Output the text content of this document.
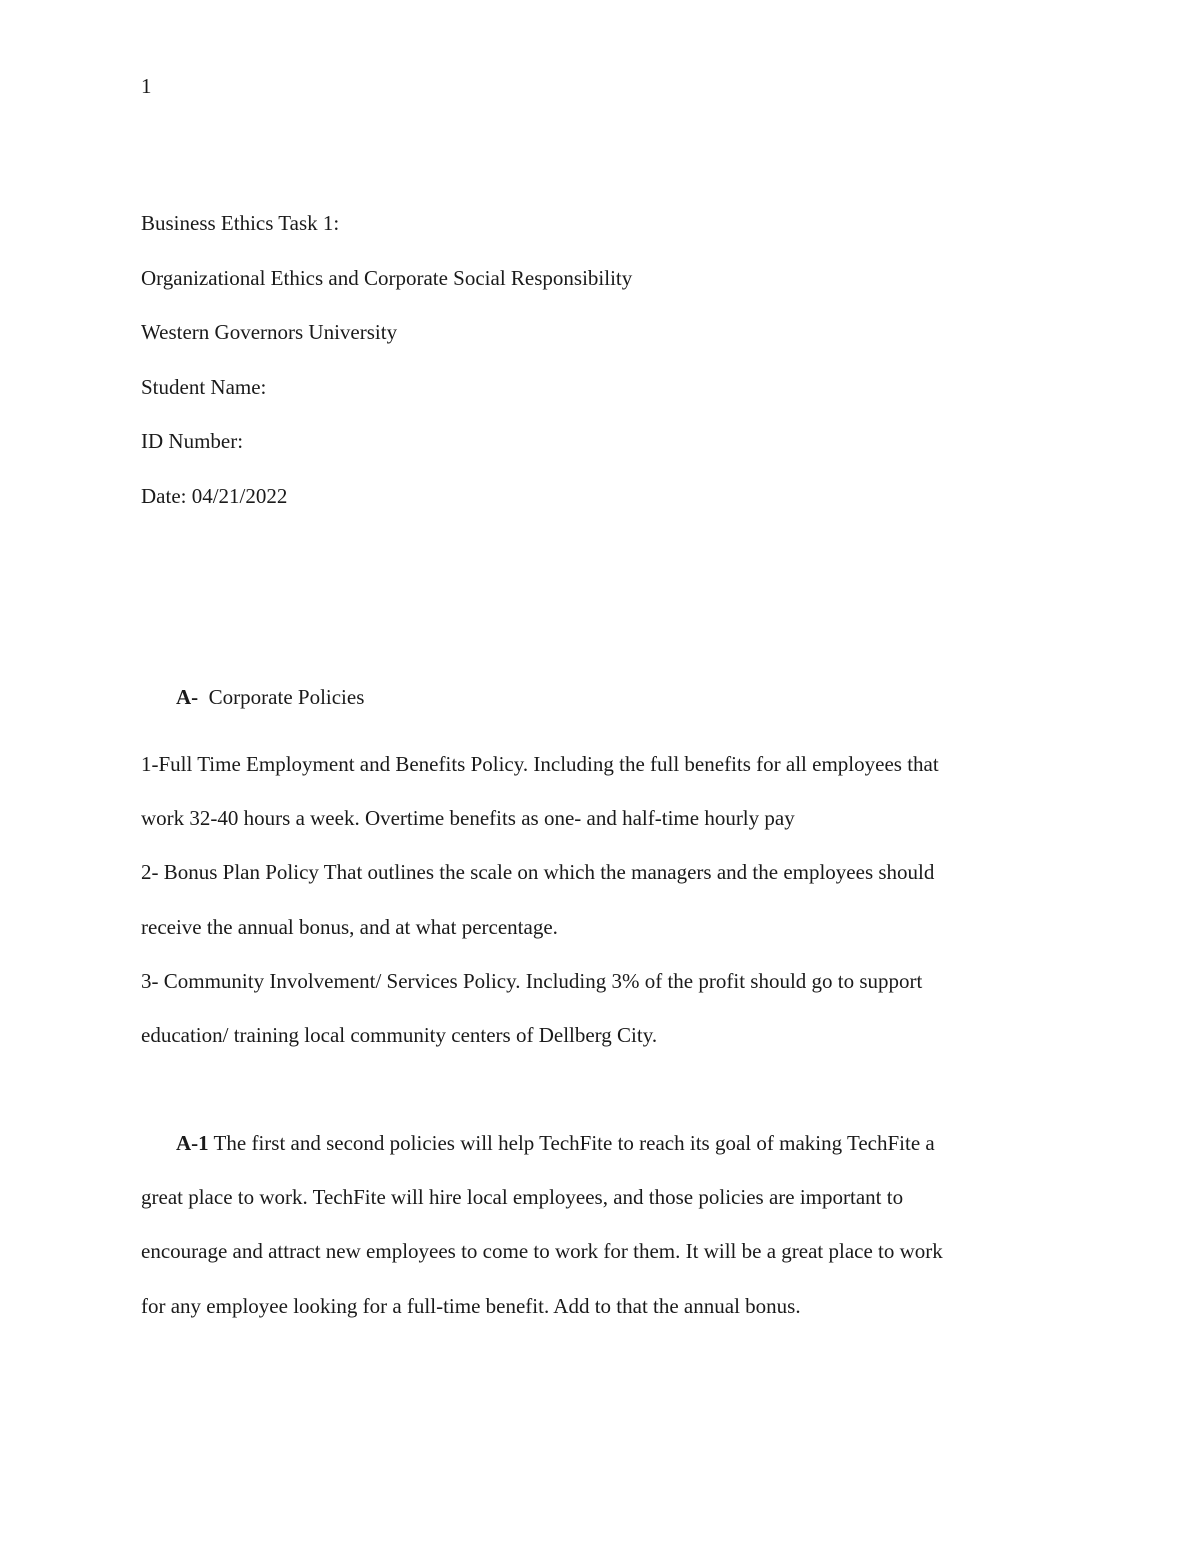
1
Business Ethics Task 1:
Organizational Ethics and Corporate Social Responsibility
Western Governors University
Student Name:
ID Number:
Date: 04/21/2022
A- Corporate Policies
1-Full Time Employment and Benefits Policy. Including the full benefits for all employees that
work 32-40 hours a week. Overtime benefits as one- and half-time hourly pay
2- Bonus Plan Policy That outlines the scale on which the managers and the employees should
receive the annual bonus, and at what percentage.
3- Community Involvement/ Services Policy. Including 3% of the profit should go to support
education/ training local community centers of Dellberg City.
A-1 The first and second policies will help TechFite to reach its goal of making TechFite a
great place to work. TechFite will hire local employees, and those policies are important to
encourage and attract new employees to come to work for them. It will be a great place to work
for any employee looking for a full-time benefit. Add to that the annual bonus.
